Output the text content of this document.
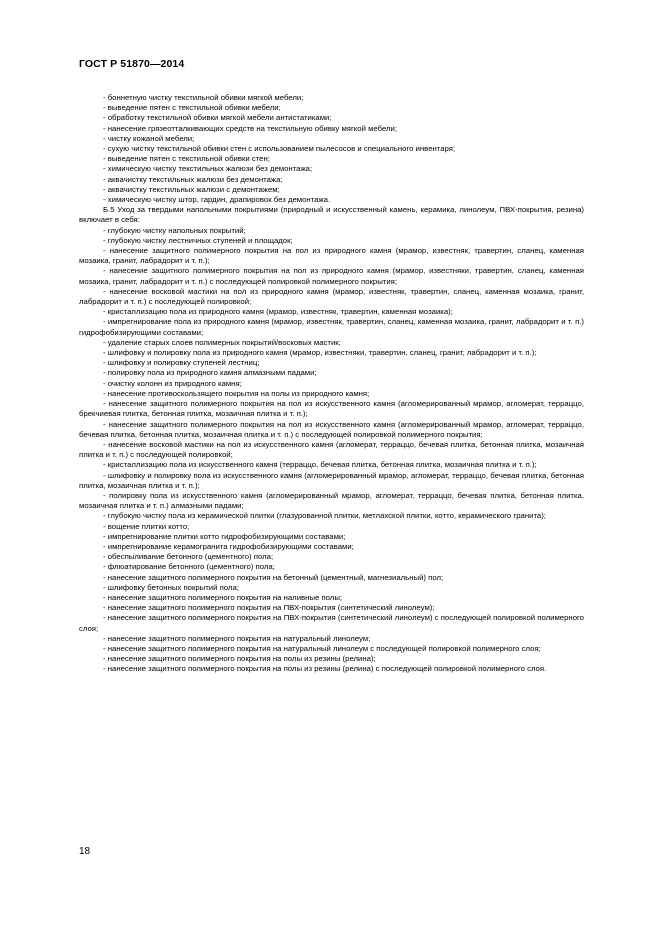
ГОСТ Р 51870—2014

- боннетную чистку текстильной обивки мягкой мебели;

- выведение пятен с текстильной обивки мебели;

- обработку текстильной обивки мягкой мебели антистатиками;

- нанесение грязеотталкивающих средств на текстильную обивку мягкой мебели;

- чистку кожаной мебели;

- сухую чистку текстильной обивки стен с использованием пылесосов и специального инвентаря;

- выведение пятен с текстильной обивки стен;

- химическую чистку текстильных жалюзи без демонтажа;

- аквачистку текстильных жалюзи без демонтажа;

- аквачистку текстильных жалюзи с демонтажем;

- химическую чистку штор, гардин, драпировок без демонтажа.

Б.5 Уход за твердыми напольными покрытиями (природный и искусственный камень, керамика, линолеум, ПВХ-покрытия, резина) включает в себя:

- глубокую чистку напольных покрытий;

- глубокую чистку лестничных ступеней и площадок;

- нанесение защитного полимерного покрытия на пол из природного камня (мрамор, известняк, травертин, сланец, каменная мозаика, гранит, лабрадорит и т. п.);

- нанесение защитного полимерного покрытия на пол из природного камня (мрамор, известняки, травертин, сланец, каменная мозаика, гранит, лабрадорит и т. п.) с последующей полировкой полимерного покрытия;

- нанесение восковой мастики на пол из природного камня (мрамор, известняк, травертин, сланец, каменная мозаика, гранит, лабрадорит и т. п.) с последующей полировкой;

- кристаллизацию пола из природного камня (мрамор, известняк, травертин, каменная мозаика);

- импрегнирование пола из природного камня (мрамор, известняк, травертин, сланец, каменная мозаика, гранит, лабрадорит и т. п.) гидрофобизирующими составами;

- удаление старых слоев полимерных покрытий/восковых мастик;

- шлифовку и полировку пола из природного камня (мрамор, известняки, травертин, сланец, гранит, лабрадорит и т. п.);

- шлифовку и полировку ступеней лестниц;

- полировку пола из природного камня алмазными падами;

- очистку колонн из природного камня;

- нанесение противоскользящего покрытия на полы из природного камня;

- нанесение защитного полимерного покрытия на пол из искусственного камня (агломерированный мрамор, агломерат, терраццо, брекчиевая плитка, бетонная плитка, мозаичная плитка и т. п.);

- нанесение защитного полимерного покрытия на пол из искусственного камня (агломерированный мрамор, агломерат, терраццо, бечевая плитка, бетонная плитка, мозаичная плитка и т. п.) с последующей полировкой полимерного покрытия;

- нанесение восковой мастики на пол из искусственного камня (агломерат, терраццо, бечевая плитка, бетонная плитка, мозаичная плитка и т. п.) с последующей полировкой;

- кристаллизацию пола из искусственного камня (терраццо, бечевая плитка, бетонная плитка, мозаичная плитка и т. п.);

- шлифовку и полировку пола из искусственного камня (агломерированный мрамор, агломерат, терраццо, бечевая плитка, бетонная плитка, мозаичная плитка и т. п.);

- полировку пола из искусственного камня (агломерированный мрамор, агломерат, терраццо, бечевая плитка, бетонная плитка, мозаичная плитка и т. п.) алмазными падами;

- глубокую чистку пола из керамической плитки (глазурованной плитки, метлахской плитки, котто, керамического гранита);

- вощение плитки котто;

- импрегнирование плитки котто гидрофобизирующими составами;

- импрегнирование керамогранита гидрофобизирующими составами;

- обеспыливание бетонного (цементного) пола;

- флюатирование бетонного (цементного) пола;

- нанесение защитного полимерного покрытия на бетонный (цементный, магнезиальный) пол;

- шлифовку бетонных покрытий пола;

- нанесение защитного полимерного покрытия на наливные полы;

- нанесение защитного полимерного покрытия на ПВХ-покрытия (синтетический линолеум);

- нанесение защитного полимерного покрытия на ПВХ-покрытия (синтетический линолеум) с последующей полировкой полимерного слоя;

- нанесение защитного полимерного покрытия на натуральный линолеум;

- нанесение защитного полимерного покрытия на натуральный линолеум с последующей полировкой полимерного слоя;

- нанесение защитного полимерного покрытия на полы из резины (релина);

- нанесение защитного полимерного покрытия на полы из резины (релина) с последующей полировкой полимерного слоя.

18
